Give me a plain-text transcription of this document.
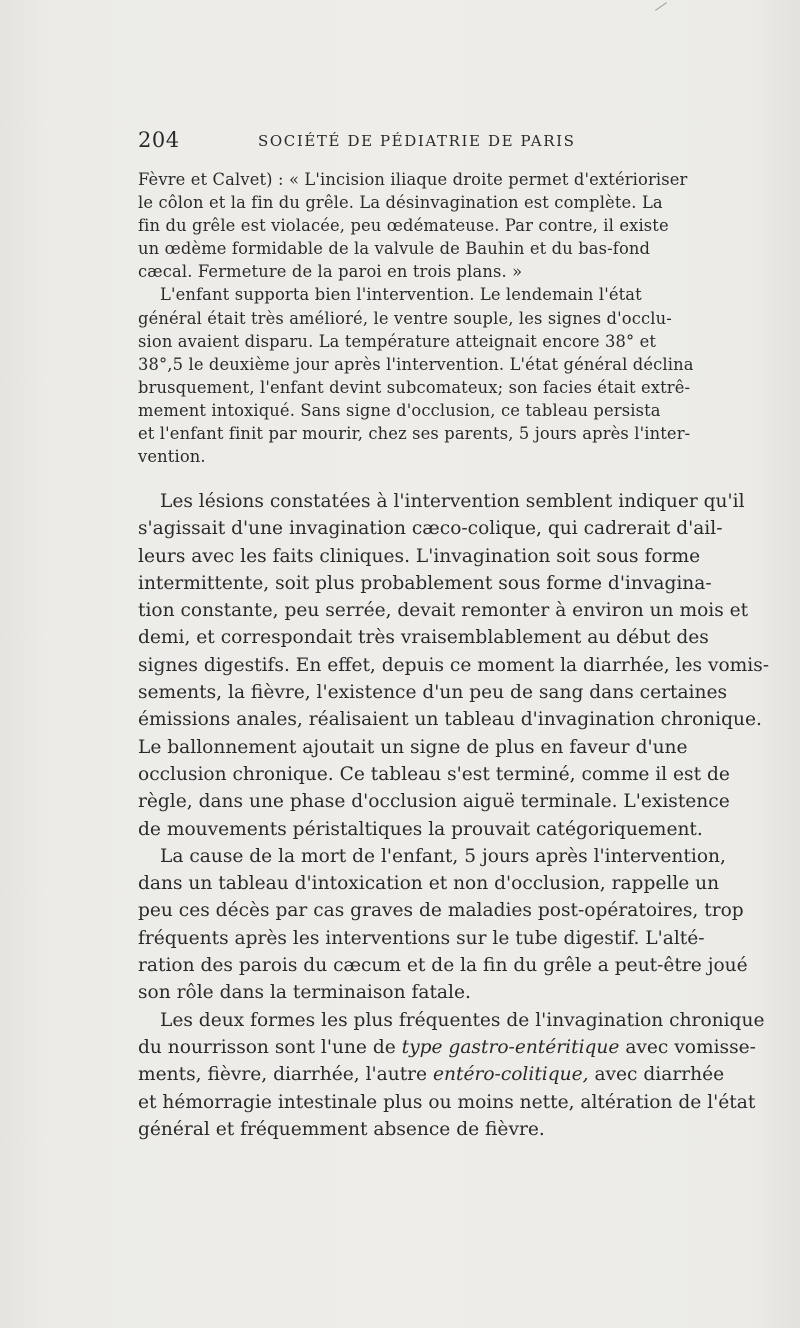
204	SOCIÉTÉ DE PÉDIATRIE DE PARIS
Fèvre et Calvet) : « L'incision iliaque droite permet d'extérioriser
le côlon et la fin du grêle. La désinvagination est complète. La
fin du grêle est violacée, peu œdémateuse. Par contre, il existe
un œdème formidable de la valvule de Bauhin et du bas-fond
cæcal. Fermeture de la paroi en trois plans. »
L'enfant supporta bien l'intervention. Le lendemain l'état
général était très amélioré, le ventre souple, les signes d'occlu-
sion avaient disparu. La température atteignait encore 38° et
38°,5 le deuxième jour après l'intervention. L'état général déclina
brusquement, l'enfant devint subcomateux; son facies était extrê-
mement intoxiqué. Sans signe d'occlusion, ce tableau persista
et l'enfant finit par mourir, chez ses parents, 5 jours après l'inter-
vention.
Les lésions constatées à l'intervention semblent indiquer qu'il
s'agissait d'une invagination cæco-colique, qui cadrerait d'ail-
leurs avec les faits cliniques. L'invagination soit sous forme
intermittente, soit plus probablement sous forme d'invagina-
tion constante, peu serrée, devait remonter à environ un mois et
demi, et correspondait très vraisemblablement au début des
signes digestifs. En effet, depuis ce moment la diarrhée, les vomis-
sements, la fièvre, l'existence d'un peu de sang dans certaines
émissions anales, réalisaient un tableau d'invagination chronique.
Le ballonnement ajoutait un signe de plus en faveur d'une
occlusion chronique. Ce tableau s'est terminé, comme il est de
règle, dans une phase d'occlusion aiguë terminale. L'existence
de mouvements péristaltiques la prouvait catégoriquement.
La cause de la mort de l'enfant, 5 jours après l'intervention,
dans un tableau d'intoxication et non d'occlusion, rappelle un
peu ces décès par cas graves de maladies post-opératoires, trop
fréquents après les interventions sur le tube digestif. L'alté-
ration des parois du cæcum et de la fin du grêle a peut-être joué
son rôle dans la terminaison fatale.
Les deux formes les plus fréquentes de l'invagination chronique
du nourrisson sont l'une de type gastro-entéritique avec vomisse-
ments, fièvre, diarrhée, l'autre entéro-colitique, avec diarrhée
et hémorragie intestinale plus ou moins nette, altération de l'état
général et fréquemment absence de fièvre.
